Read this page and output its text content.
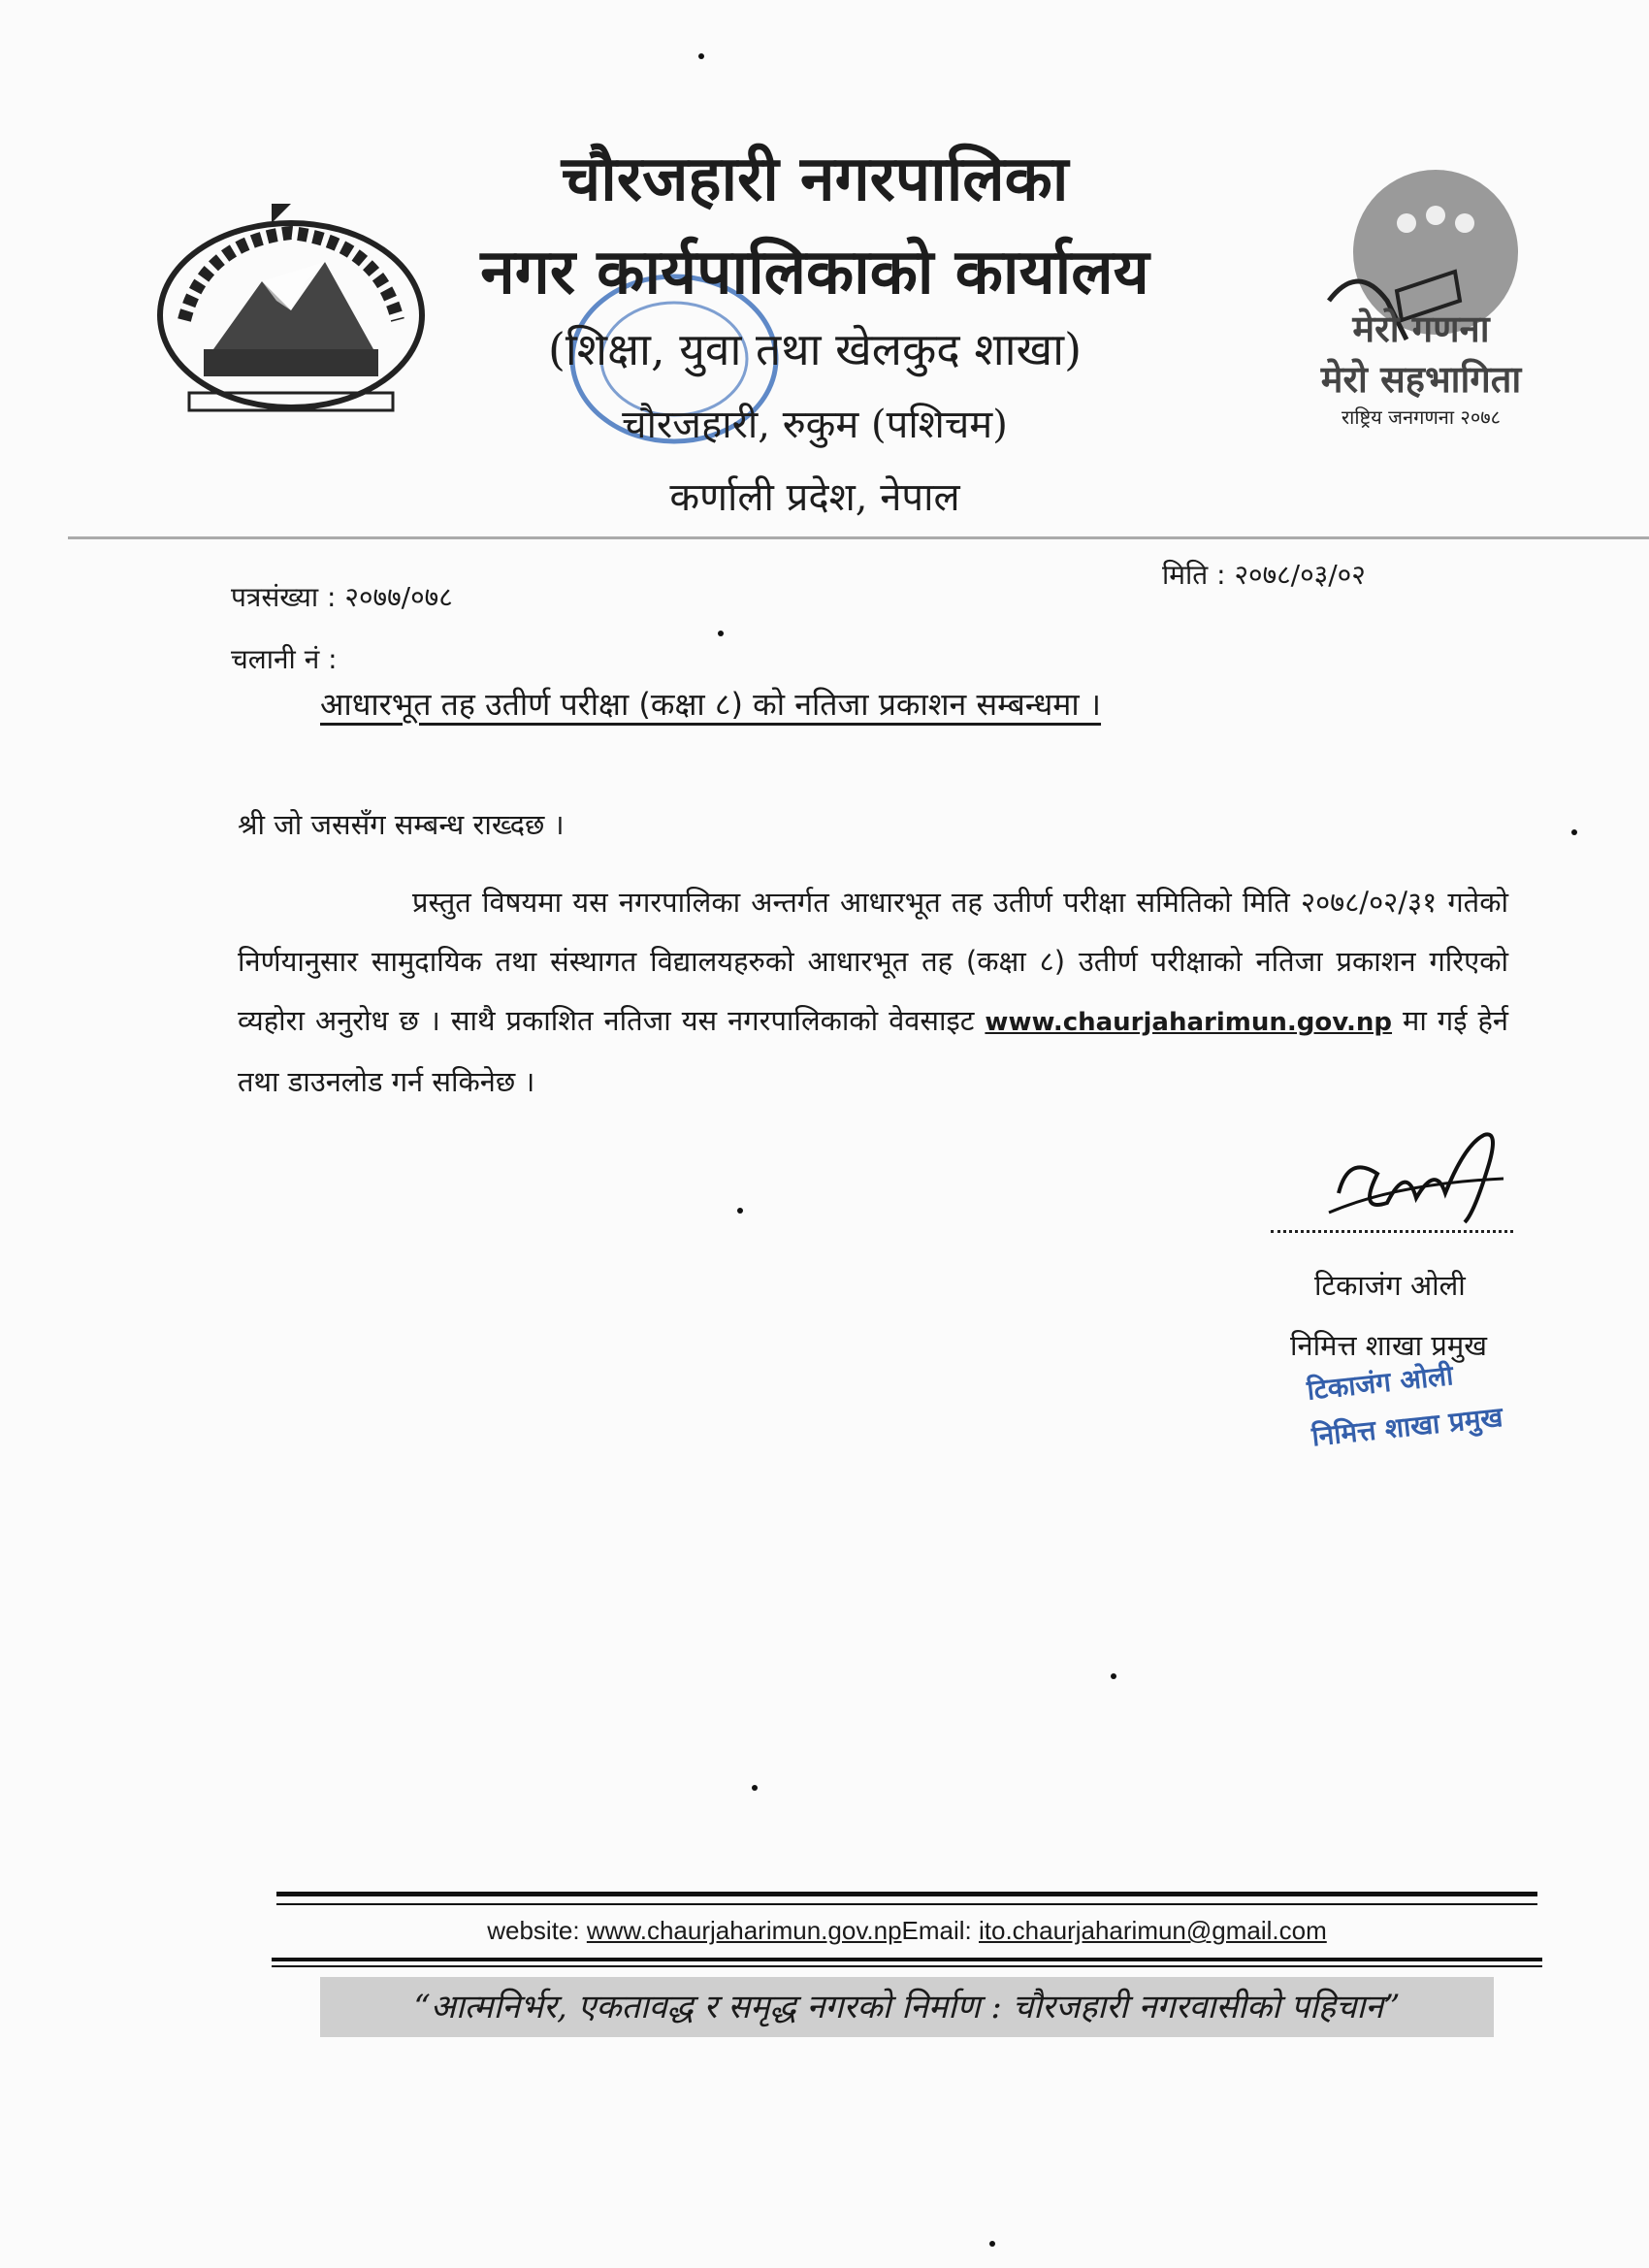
मेरो गणना
मेरो सहभागिता
राष्ट्रिय जनगणना २०७८
चौरजहारी नगरपालिका
नगर कार्यपालिकाको कार्यालय
(शिक्षा, युवा तथा खेलकुद शाखा)
चौरजहारी, रुकुम (पशिचम)
कर्णाली प्रदेश, नेपाल
पत्रसंख्या : २०७७/०७८
मिति : २०७८/०३/०२
चलानी नं :
आधारभूत तह उतीर्ण परीक्षा (कक्षा ८) को नतिजा प्रकाशन सम्बन्धमा ।
श्री जो जससँग सम्बन्ध राख्दछ ।
प्रस्तुत विषयमा यस नगरपालिका अन्तर्गत आधारभूत तह उतीर्ण परीक्षा समितिको मिति २०७८/०२/३१ गतेको निर्णयानुसार सामुदायिक तथा संस्थागत विद्यालयहरुको आधारभूत तह (कक्षा ८) उतीर्ण परीक्षाको नतिजा प्रकाशन गरिएको व्यहोरा अनुरोध छ । साथै प्रकाशित नतिजा यस नगरपालिकाको वेवसाइट www.chaurjaharimun.gov.np मा गई हेर्न तथा डाउनलोड गर्न सकिनेछ ।
टिकाजंग ओली
निमित्त शाखा प्रमुख
टिकाजंग ओली
निमित्त शाखा प्रमुख
website: www.chaurjaharimun.gov.npEmail: ito.chaurjaharimun@gmail.com
“आत्मनिर्भर, एकतावद्ध र समृद्ध नगरको निर्माण : चौरजहारी नगरवासीको पहिचान”
